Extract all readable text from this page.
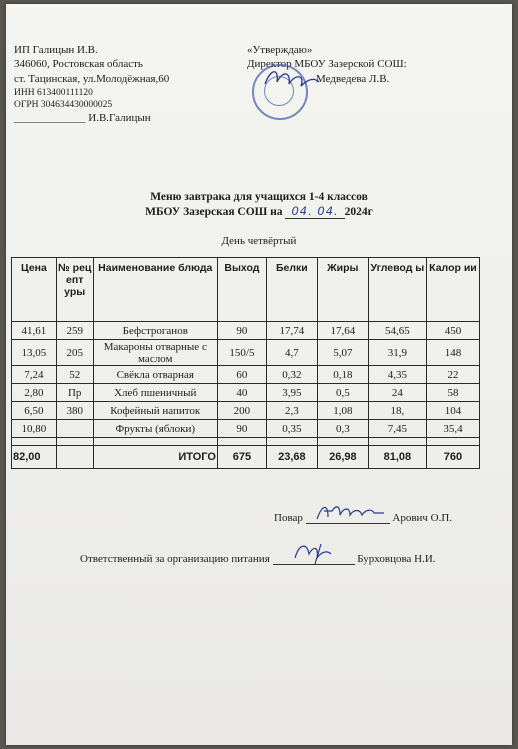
ИП Галицын И.В.
346060, Ростовская область
ст. Тацинская, ул.Молодёжная,60
ИНН 613400111120
ОГРН 304634430000025
_____________ И.В.Галицын
«Утверждаю»
Директор МБОУ Зазерской СОШ:
Медведева Л.В.
Меню завтрака для учащихся 1-4 классов
МБОУ Зазерская СОШ на 04. 04. 2024г
День четвёртый
Цена	№ рец епт уры	Наименование блюда	Выход	Белки	Жиры	Углевод ы	Калор ии
41,61	259	Бефстроганов	90	17,74	17,64	54,65	450
13,05	205	Макароны отварные с маслом	150/5	4,7	5,07	31,9	148
7,24	52	Свёкла отварная	60	0,32	0,18	4,35	22
2,80	Пр	Хлеб пшеничный	40	3,95	0,5	24	58
6,50	380	Кофейный напиток	200	2,3	1,08	18,	104
10,80		Фрукты (яблоки)	90	0,35	0,3	7,45	35,4

82,00		ИТОГО	675	23,68	26,98	81,08	760
Повар	Арович О.П.
Ответственный за организацию питания	Бурховцова Н.И.
